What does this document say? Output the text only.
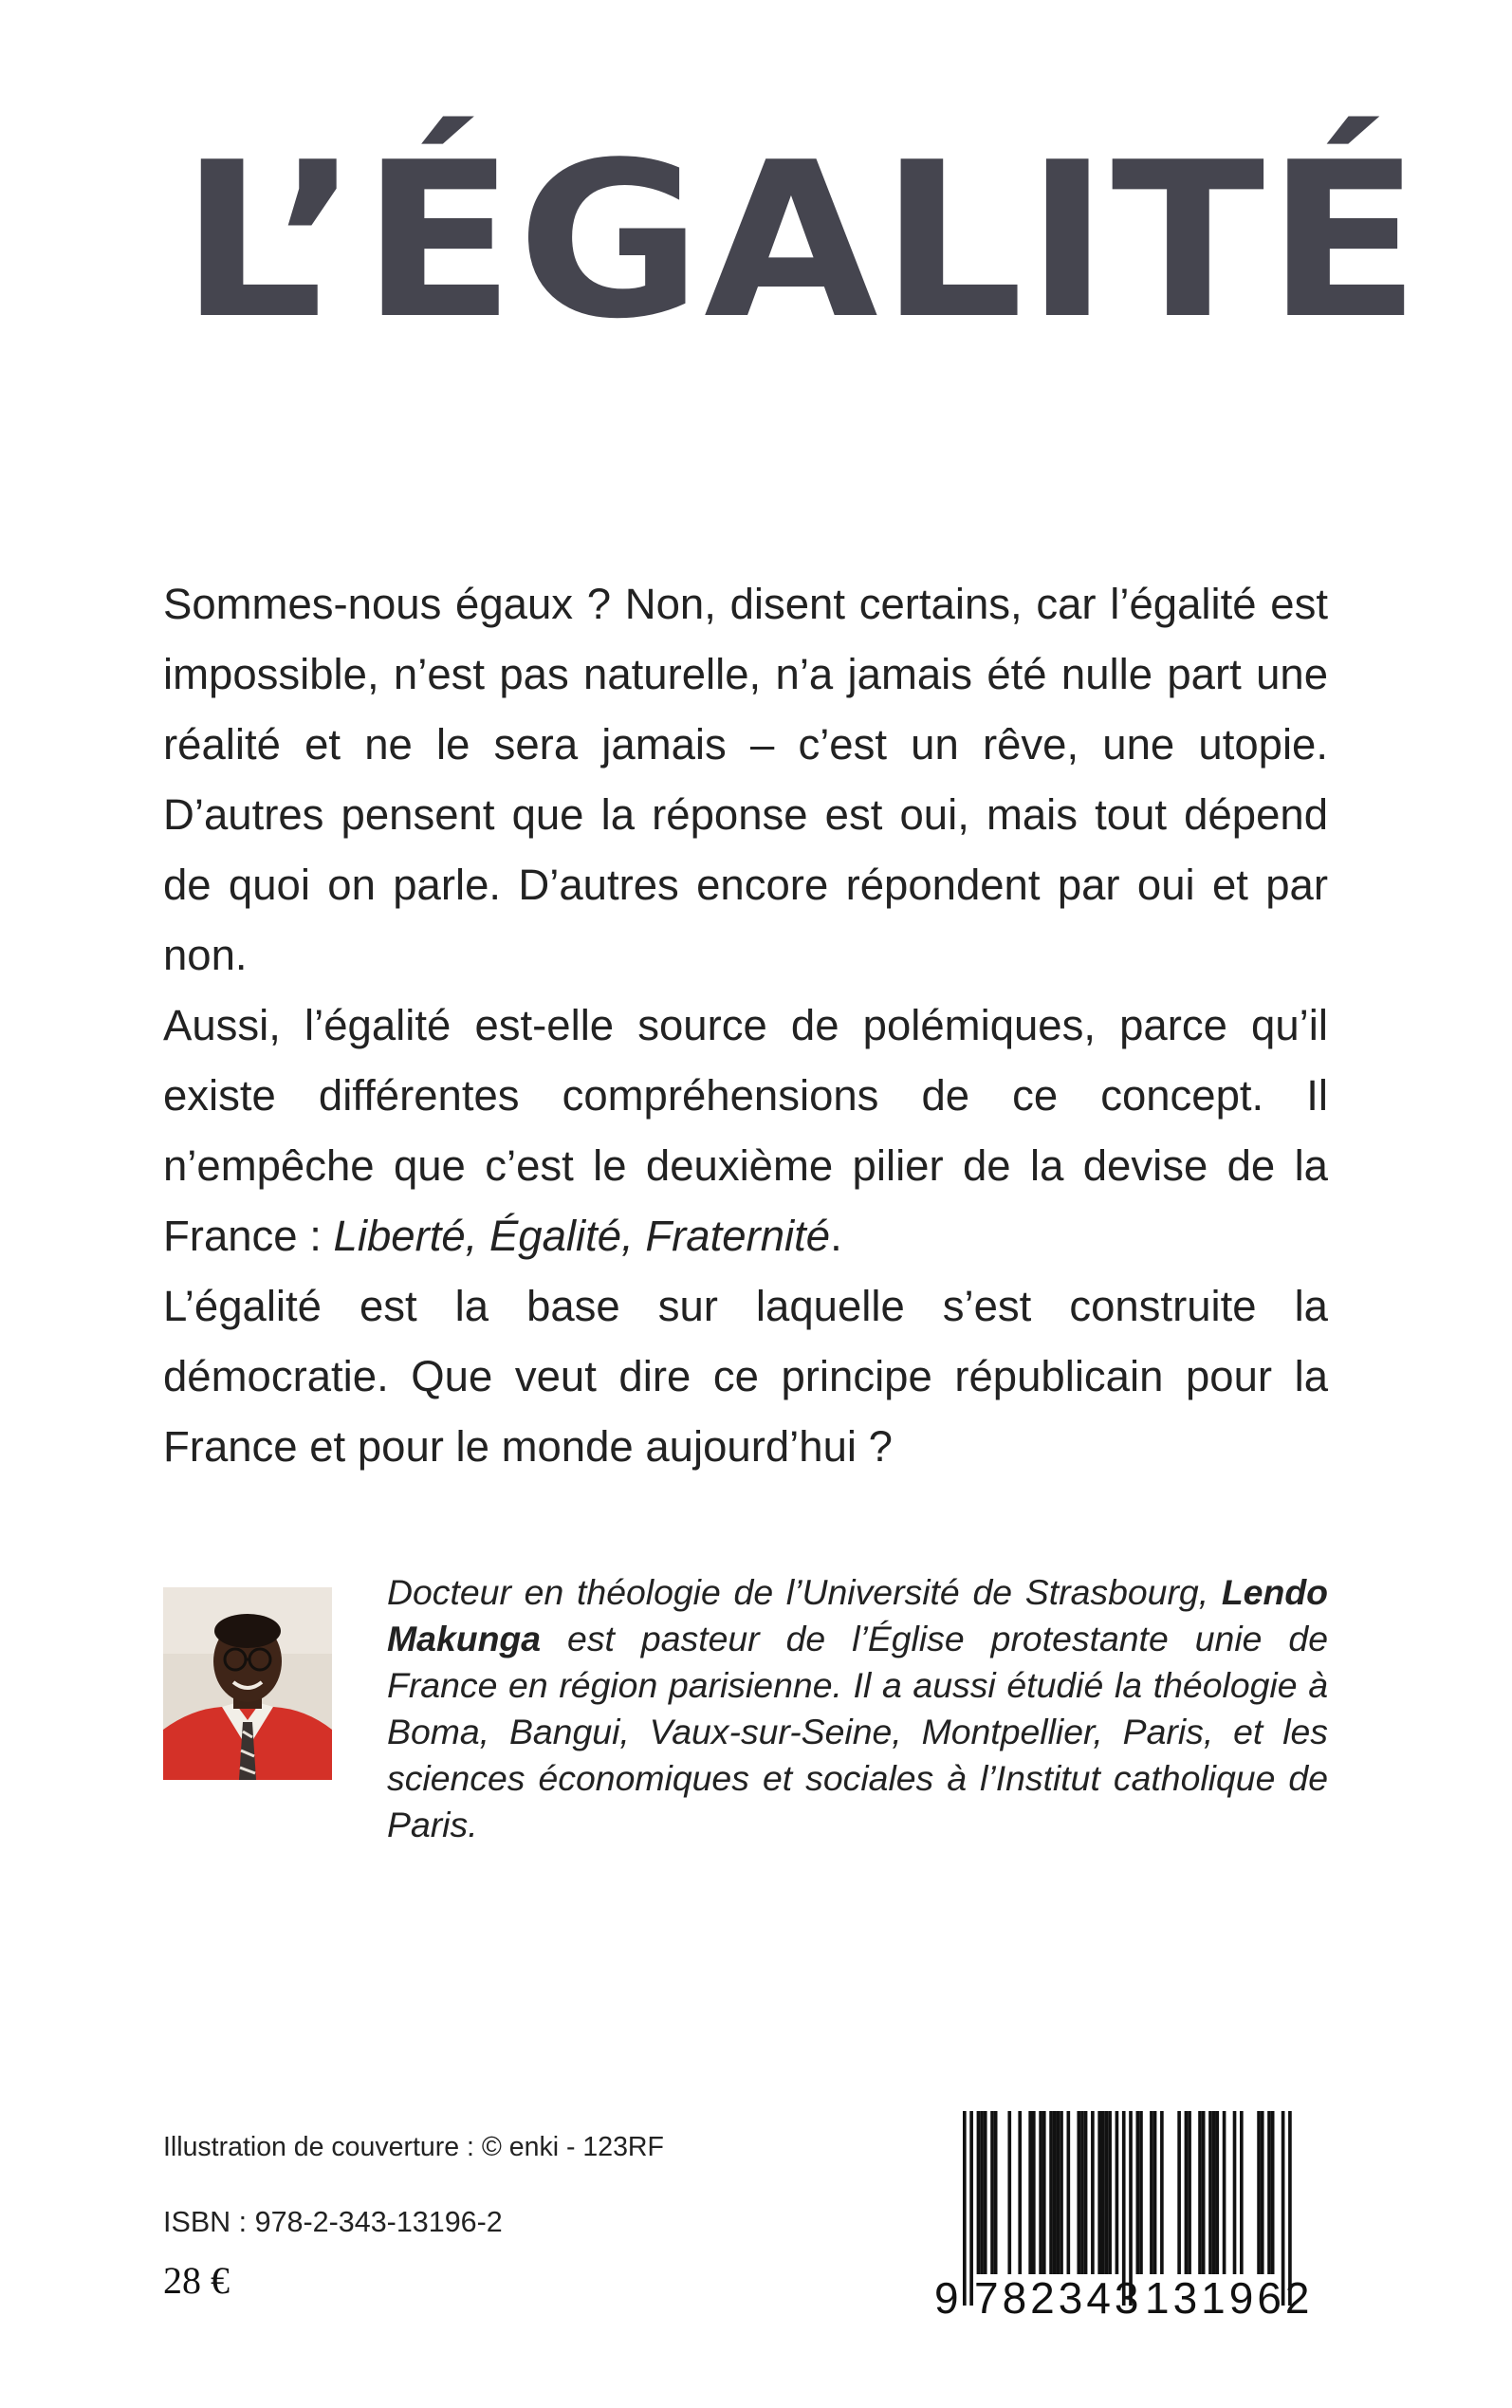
L’ÉGALITÉ

Sommes-nous égaux ? Non, disent certains, car l’égalité est impossible, n’est pas naturelle, n’a jamais été nulle part une réalité et ne le sera jamais – c’est un rêve, une utopie. D’autres pensent que la réponse est oui, mais tout dépend de quoi on parle. D’autres encore répondent par oui et par non.

Aussi, l’égalité est-elle source de polémiques, parce qu’il existe différentes compréhensions de ce concept. Il n’empêche que c’est le deuxième pilier de la devise de la France : Liberté, Égalité, Fraternité.

L’égalité est la base sur laquelle s’est construite la démocratie. Que veut dire ce principe républicain pour la France et pour le monde aujourd’hui ?

Docteur en théologie de l’Université de Strasbourg, Lendo Makunga est pasteur de l’Église protestante unie de France en région parisienne. Il a aussi étudié la théologie à Boma, Bangui, Vaux-sur-Seine, Montpellier, Paris, et les sciences économiques et sociales à l’Institut catholique de Paris.
Illustration de couverture : © enki - 123RF
ISBN : 978-2-343-13196-2
28 €	9 782343 131962
